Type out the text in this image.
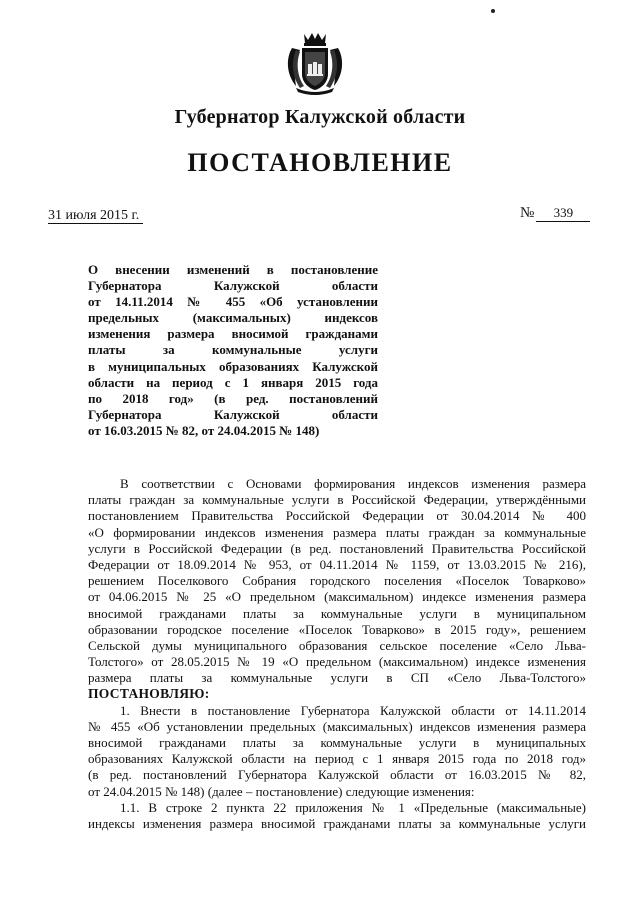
Губернатор Калужской области
ПОСТАНОВЛЕНИЕ
31 июля 2015 г.	№ 339
О внесении изменений в постановление
Губернатора Калужской области
от 14.11.2014 № 455 «Об установлении
предельных (максимальных) индексов
изменения размера вносимой гражданами
платы за коммунальные услуги
в муниципальных образованиях Калужской
области на период с 1 января 2015 года
по 2018 год» (в ред. постановлений
Губернатора Калужской области
от 16.03.2015 № 82, от 24.04.2015 № 148)
В соответствии с Основами формирования индексов изменения размера
платы граждан за коммунальные услуги в Российской Федерации, утверждёнными
постановлением Правительства Российской Федерации от 30.04.2014 № 400
«О формировании индексов изменения размера платы граждан за коммунальные
услуги в Российской Федерации (в ред. постановлений Правительства Российской
Федерации от 18.09.2014 № 953, от 04.11.2014 № 1159, от 13.03.2015 № 216),
решением Поселкового Собрания городского поселения «Поселок Товарково»
от 04.06.2015 № 25 «О предельном (максимальном) индексе изменения размера
вносимой гражданами платы за коммунальные услуги в муниципальном
образовании городское поселение «Поселок Товарково» в 2015 году», решением
Сельской думы муниципального образования сельское поселение «Село Льва-
Толстого» от 28.05.2015 № 19 «О предельном (максимальном) индексе изменения
размера платы за коммунальные услуги в СП «Село Льва-Толстого»
ПОСТАНОВЛЯЮ:
1. Внести в постановление Губернатора Калужской области от 14.11.2014
№ 455 «Об установлении предельных (максимальных) индексов изменения размера
вносимой гражданами платы за коммунальные услуги в муниципальных
образованиях Калужской области на период с 1 января 2015 года по 2018 год»
(в ред. постановлений Губернатора Калужской области от 16.03.2015 № 82,
от 24.04.2015 № 148) (далее – постановление) следующие изменения:
1.1. В строке 2 пункта 22 приложения № 1 «Предельные (максимальные)
индексы изменения размера вносимой гражданами платы за коммунальные услуги
